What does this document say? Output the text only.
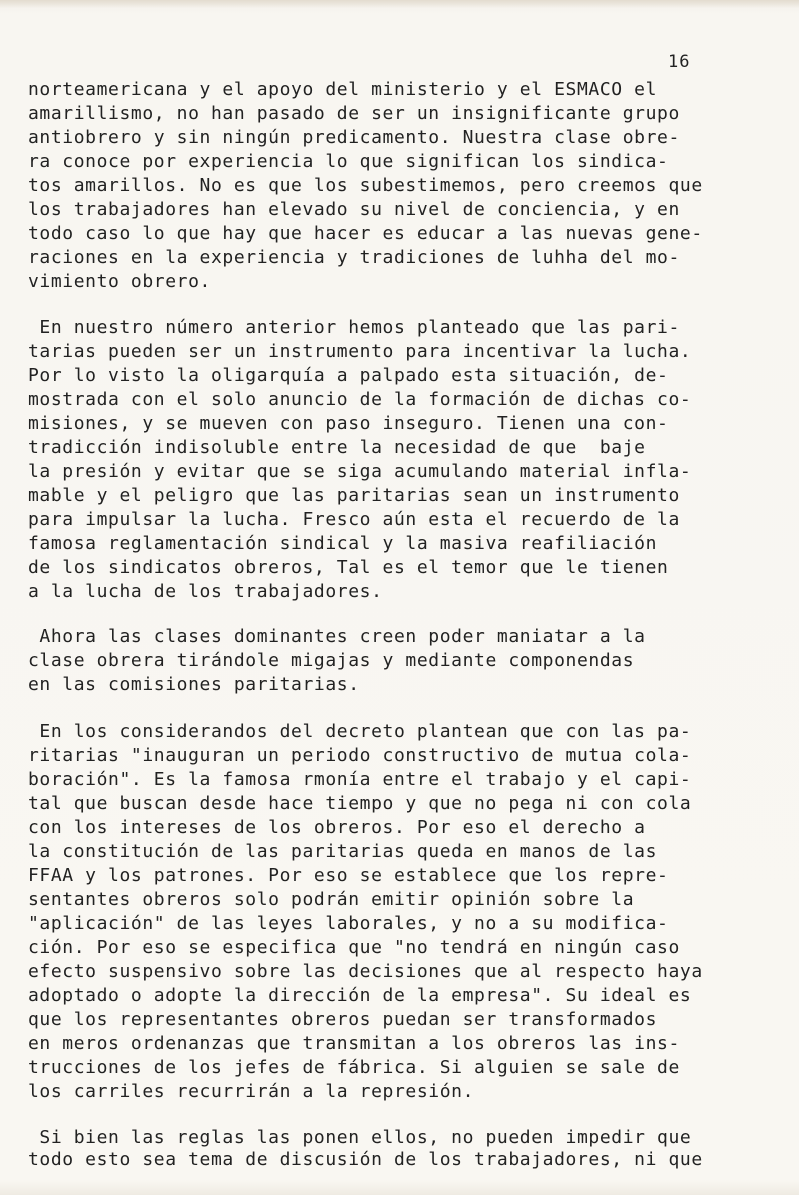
16
norteamericana y el apoyo del ministerio y el ESMACO el
amarillismo, no han pasado de ser un insignificante grupo
antiobrero y sin ningún predicamento. Nuestra clase obre-
ra conoce por experiencia lo que significan los sindica-
tos amarillos. No es que los subestimemos, pero creemos que
los trabajadores han elevado su nivel de conciencia, y en
todo caso lo que hay que hacer es educar a las nuevas gene-
raciones en la experiencia y tradiciones de luhha del mo-
vimiento obrero.
En nuestro número anterior hemos planteado que las pari-
tarias pueden ser un instrumento para incentivar la lucha.
Por lo visto la oligarquía a palpado esta situación, de-
mostrada con el solo anuncio de la formación de dichas co-
misiones, y se mueven con paso inseguro. Tienen una con-
tradicción indisoluble entre la necesidad de que  baje
la presión y evitar que se siga acumulando material infla-
mable y el peligro que las paritarias sean un instrumento
para impulsar la lucha. Fresco aún esta el recuerdo de la
famosa reglamentación sindical y la masiva reafiliación
de los sindicatos obreros, Tal es el temor que le tienen
a la lucha de los trabajadores.
Ahora las clases dominantes creen poder maniatar a la
clase obrera tirándole migajas y mediante componendas
en las comisiones paritarias.
En los considerandos del decreto plantean que con las pa-
ritarias "inauguran un periodo constructivo de mutua cola-
boración". Es la famosa rmonía entre el trabajo y el capi-
tal que buscan desde hace tiempo y que no pega ni con cola
con los intereses de los obreros. Por eso el derecho a
la constitución de las paritarias queda en manos de las
FFAA y los patrones. Por eso se establece que los repre-
sentantes obreros solo podrán emitir opinión sobre la
"aplicación" de las leyes laborales, y no a su modifica-
ción. Por eso se especifica que "no tendrá en ningún caso
efecto suspensivo sobre las decisiones que al respecto haya
adoptado o adopte la dirección de la empresa". Su ideal es
que los representantes obreros puedan ser transformados
en meros ordenanzas que transmitan a los obreros las ins-
trucciones de los jefes de fábrica. Si alguien se sale de
los carriles recurrirán a la represión.
Si bien las reglas las ponen ellos, no pueden impedir que
todo esto sea tema de discusión de los trabajadores, ni que
